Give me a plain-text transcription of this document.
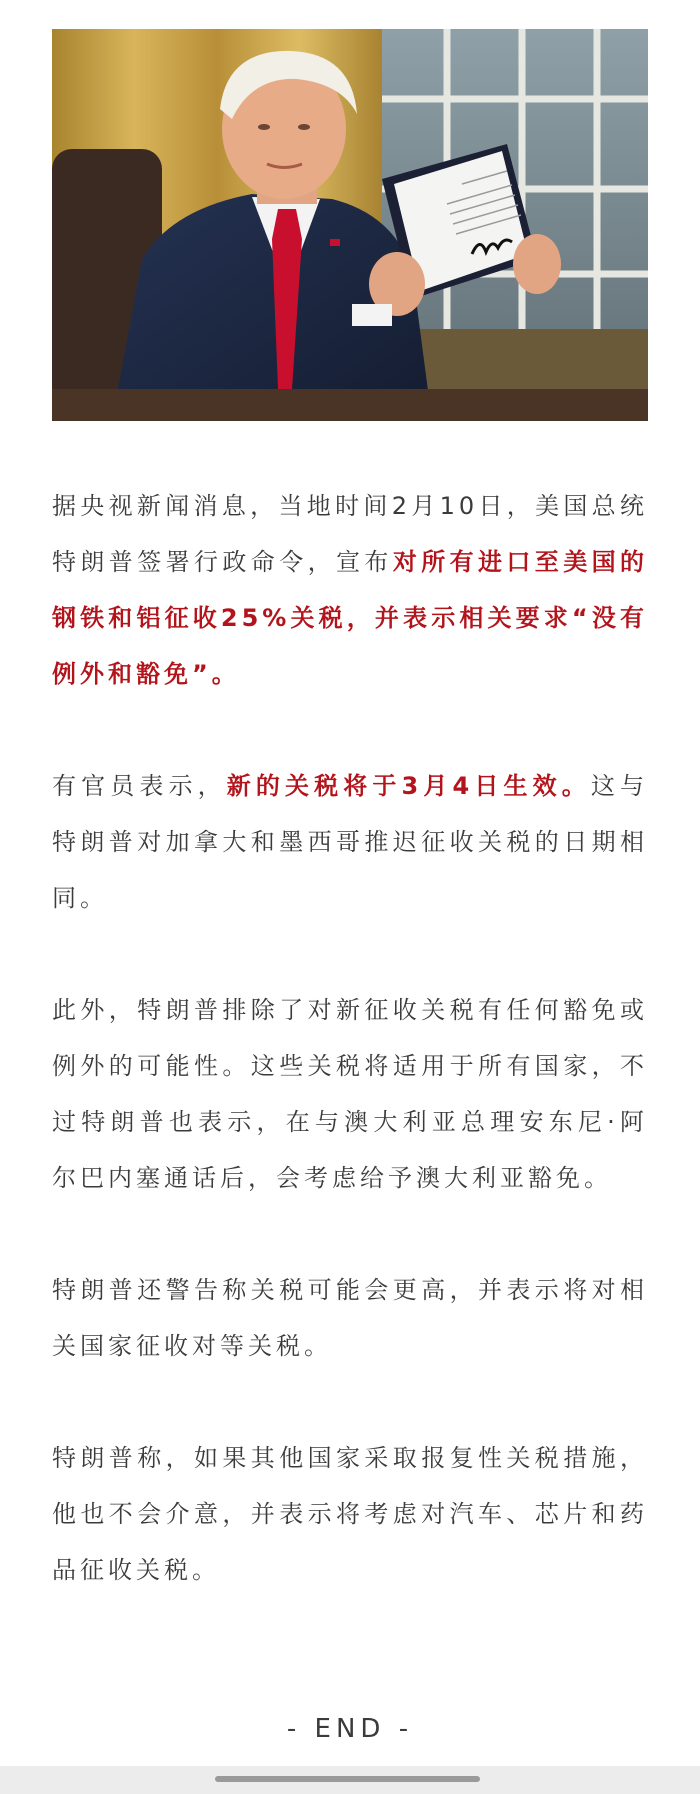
据央视新闻消息，当地时间2月10日，美国总统特朗普签署行政命令，宣布对所有进口至美国的钢铁和铝征收25%关税，并表示相关要求“没有例外和豁免”。

有官员表示，新的关税将于3月4日生效。这与特朗普对加拿大和墨西哥推迟征收关税的日期相同。

此外，特朗普排除了对新征收关税有任何豁免或例外的可能性。这些关税将适用于所有国家，不过特朗普也表示，在与澳大利亚总理安东尼·阿尔巴内塞通话后，会考虑给予澳大利亚豁免。

特朗普还警告称关税可能会更高，并表示将对相关国家征收对等关税。

特朗普称，如果其他国家采取报复性关税措施，他也不会介意，并表示将考虑对汽车、芯片和药品征收关税。

- END -
